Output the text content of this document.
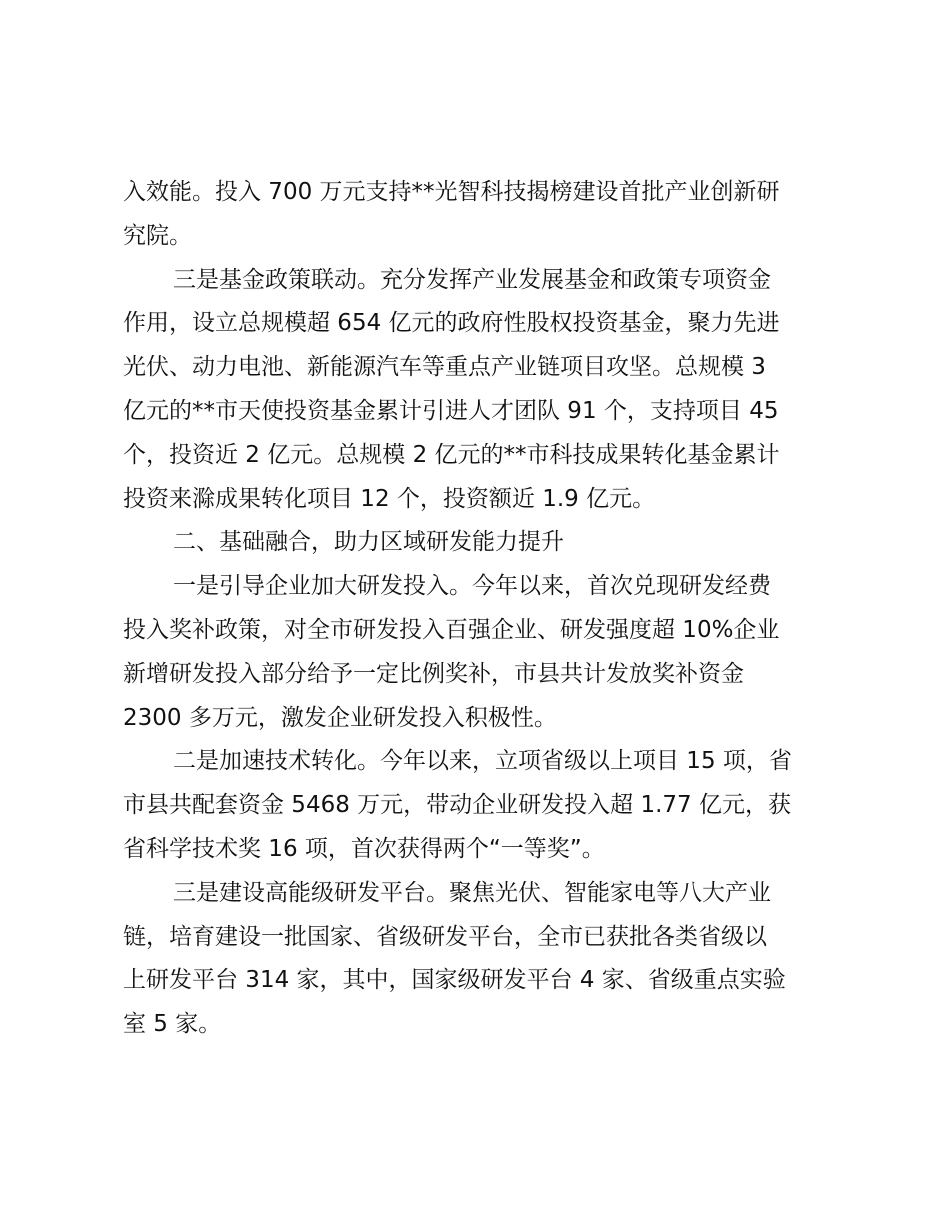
入效能。投入 700 万元支持**光智科技揭榜建设首批产业创新研
究院。
三是基金政策联动。充分发挥产业发展基金和政策专项资金
作用，设立总规模超 654 亿元的政府性股权投资基金，聚力先进
光伏、动力电池、新能源汽车等重点产业链项目攻坚。总规模 3
亿元的**市天使投资基金累计引进人才团队 91 个，支持项目 45
个，投资近 2 亿元。总规模 2 亿元的**市科技成果转化基金累计
投资来滁成果转化项目 12 个，投资额近 1.9 亿元。
二、基础融合，助力区域研发能力提升
一是引导企业加大研发投入。今年以来，首次兑现研发经费
投入奖补政策，对全市研发投入百强企业、研发强度超 10%企业
新增研发投入部分给予一定比例奖补，市县共计发放奖补资金
2300 多万元，激发企业研发投入积极性。
二是加速技术转化。今年以来，立项省级以上项目 15 项，省
市县共配套资金 5468 万元，带动企业研发投入超 1.77 亿元，获
省科学技术奖 16 项，首次获得两个“一等奖”。
三是建设高能级研发平台。聚焦光伏、智能家电等八大产业
链，培育建设一批国家、省级研发平台，全市已获批各类省级以
上研发平台 314 家，其中，国家级研发平台 4 家、省级重点实验
室 5 家。
